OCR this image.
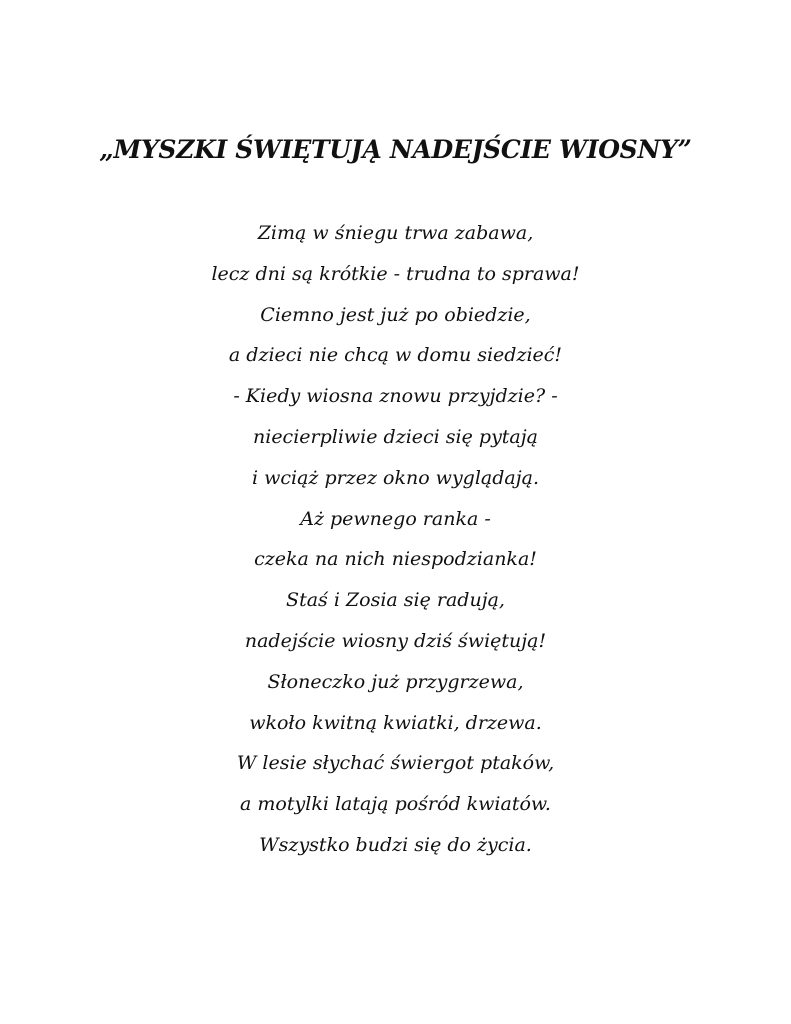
„MYSZKI ŚWIĘTUJĄ NADEJŚCIE WIOSNY”
Zimą w śniegu trwa zabawa,
lecz dni są krótkie - trudna to sprawa!
Ciemno jest już po obiedzie,
a dzieci nie chcą w domu siedzieć!
- Kiedy wiosna znowu przyjdzie? -
niecierpliwie dzieci się pytają
i wciąż przez okno wyglądają.
Aż pewnego ranka -
czeka na nich niespodzianka!
Staś i Zosia się radują,
nadejście wiosny dziś świętują!
Słoneczko już przygrzewa,
wkoło kwitną kwiatki, drzewa.
W lesie słychać świergot ptaków,
a motylki latają pośród kwiatów.
Wszystko budzi się do życia.
